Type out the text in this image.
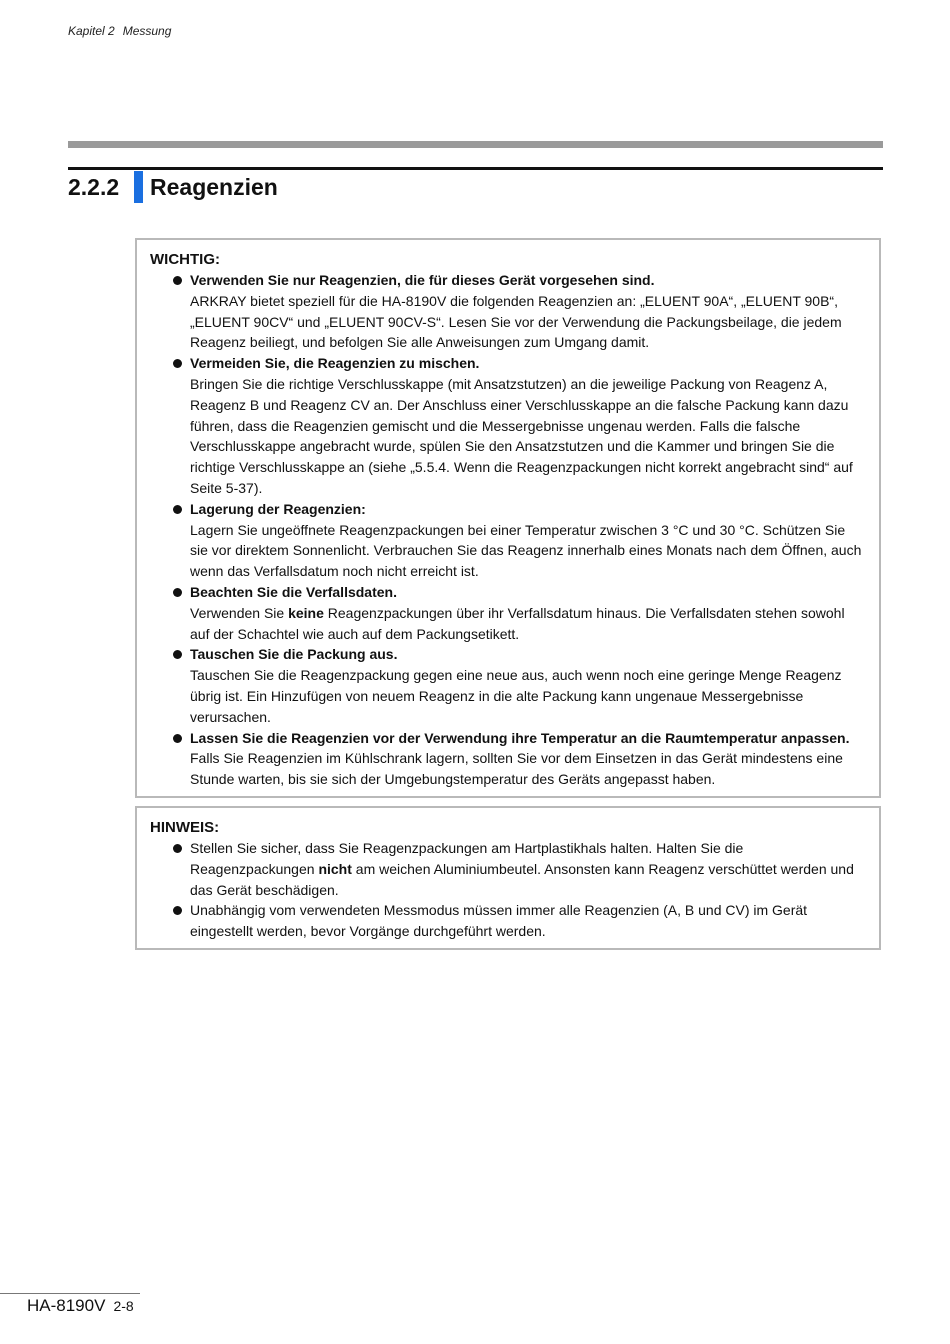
Kapitel 2 Messung
2.2.2	Reagenzien
WICHTIG:
Verwenden Sie nur Reagenzien, die für dieses Gerät vorgesehen sind.
ARKRAY bietet speziell für die HA-8190V die folgenden Reagenzien an: „ELUENT 90A“, „ELUENT 90B“, „ELUENT 90CV“ und „ELUENT 90CV-S“. Lesen Sie vor der Verwendung die Packungsbeilage, die jedem Reagenz beiliegt, und befolgen Sie alle Anweisungen zum Umgang damit.
Vermeiden Sie, die Reagenzien zu mischen.
Bringen Sie die richtige Verschlusskappe (mit Ansatzstutzen) an die jeweilige Packung von Reagenz A, Reagenz B und Reagenz CV an. Der Anschluss einer Verschlusskappe an die falsche Packung kann dazu führen, dass die Reagenzien gemischt und die Messergebnisse ungenau werden. Falls die falsche Verschlusskappe angebracht wurde, spülen Sie den Ansatzstutzen und die Kammer und bringen Sie die richtige Verschlusskappe an (siehe „5.5.4. Wenn die Reagenzpackungen nicht korrekt angebracht sind“ auf Seite 5-37).
Lagerung der Reagenzien:
Lagern Sie ungeöffnete Reagenzpackungen bei einer Temperatur zwischen 3 °C und 30 °C. Schützen Sie sie vor direktem Sonnenlicht. Verbrauchen Sie das Reagenz innerhalb eines Monats nach dem Öffnen, auch wenn das Verfallsdatum noch nicht erreicht ist.
Beachten Sie die Verfallsdaten.
Verwenden Sie keine Reagenzpackungen über ihr Verfallsdatum hinaus. Die Verfallsdaten stehen sowohl auf der Schachtel wie auch auf dem Packungsetikett.
Tauschen Sie die Packung aus.
Tauschen Sie die Reagenzpackung gegen eine neue aus, auch wenn noch eine geringe Menge Reagenz übrig ist. Ein Hinzufügen von neuem Reagenz in die alte Packung kann ungenaue Messergebnisse verursachen.
Lassen Sie die Reagenzien vor der Verwendung ihre Temperatur an die Raumtemperatur anpassen.
Falls Sie Reagenzien im Kühlschrank lagern, sollten Sie vor dem Einsetzen in das Gerät mindestens eine Stunde warten, bis sie sich der Umgebungstemperatur des Geräts angepasst haben.
HINWEIS:
Stellen Sie sicher, dass Sie Reagenzpackungen am Hartplastikhals halten. Halten Sie die Reagenzpackungen nicht am weichen Aluminiumbeutel. Ansonsten kann Reagenz verschüttet werden und das Gerät beschädigen.
Unabhängig vom verwendeten Messmodus müssen immer alle Reagenzien (A, B und CV) im Gerät eingestellt werden, bevor Vorgänge durchgeführt werden.
HA-8190V 2-8
